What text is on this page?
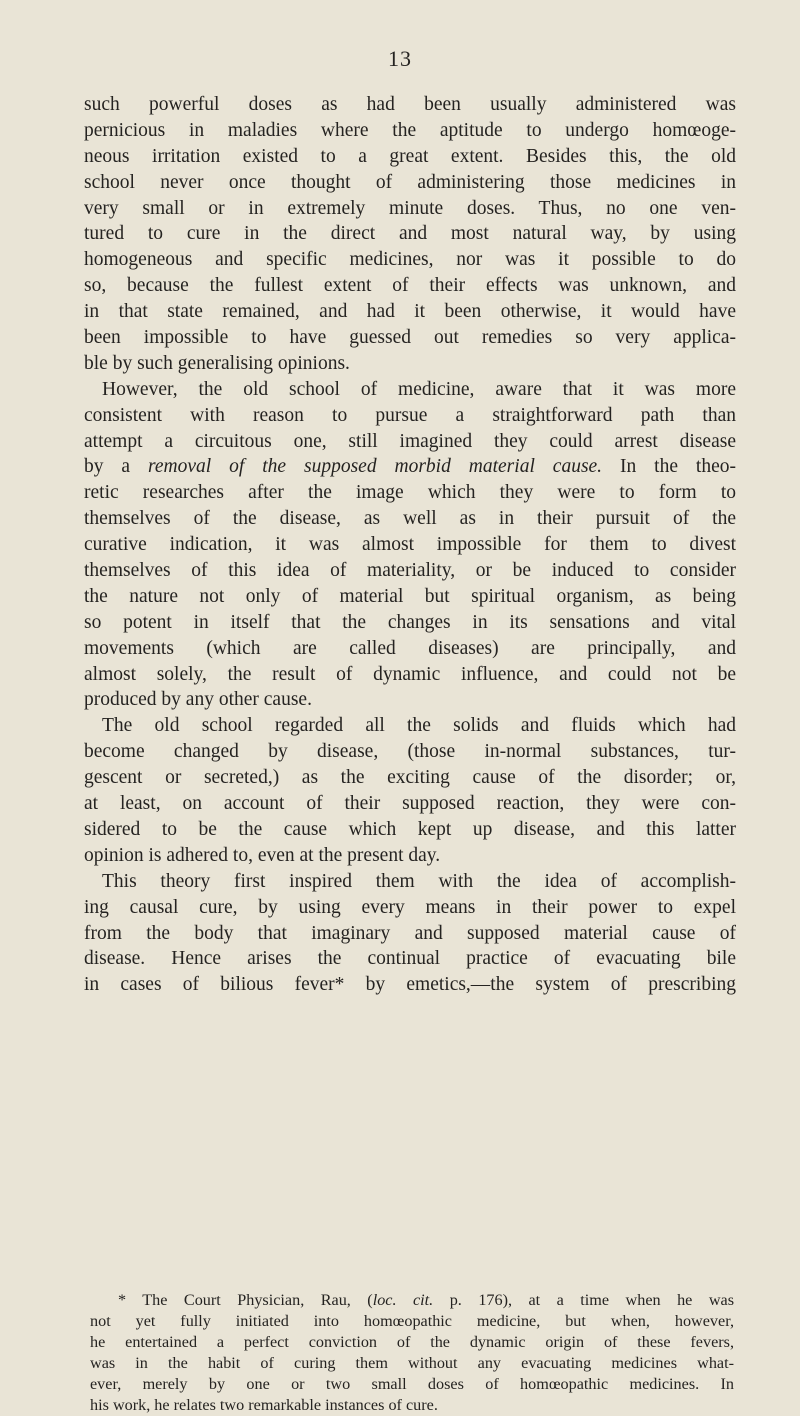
13
such powerful doses as had been usually administered was
pernicious in maladies where the aptitude to undergo homœoge-
neous irritation existed to a great extent. Besides this, the old
school never once thought of administering those medicines in
very small or in extremely minute doses. Thus, no one ven-
tured to cure in the direct and most natural way, by using
homogeneous and specific medicines, nor was it possible to do
so, because the fullest extent of their effects was unknown, and
in that state remained, and had it been otherwise, it would have
been impossible to have guessed out remedies so very applica-
ble by such generalising opinions.
However, the old school of medicine, aware that it was more
consistent with reason to pursue a straightforward path than
attempt a circuitous one, still imagined they could arrest disease
by a removal of the supposed morbid material cause. In the theo-
retic researches after the image which they were to form to
themselves of the disease, as well as in their pursuit of the
curative indication, it was almost impossible for them to divest
themselves of this idea of materiality, or be induced to consider
the nature not only of material but spiritual organism, as being
so potent in itself that the changes in its sensations and vital
movements (which are called diseases) are principally, and
almost solely, the result of dynamic influence, and could not be
produced by any other cause.
The old school regarded all the solids and fluids which had
become changed by disease, (those in-normal substances, tur-
gescent or secreted,) as the exciting cause of the disorder; or,
at least, on account of their supposed reaction, they were con-
sidered to be the cause which kept up disease, and this latter
opinion is adhered to, even at the present day.
This theory first inspired them with the idea of accomplish-
ing causal cure, by using every means in their power to expel
from the body that imaginary and supposed material cause of
disease. Hence arises the continual practice of evacuating bile
in cases of bilious fever* by emetics,—the system of prescribing
* The Court Physician, Rau, (loc. cit. p. 176), at a time when he was
not yet fully initiated into homœopathic medicine, but when, however,
he entertained a perfect conviction of the dynamic origin of these fevers,
was in the habit of curing them without any evacuating medicines what-
ever, merely by one or two small doses of homœopathic medicines. In
his work, he relates two remarkable instances of cure.
